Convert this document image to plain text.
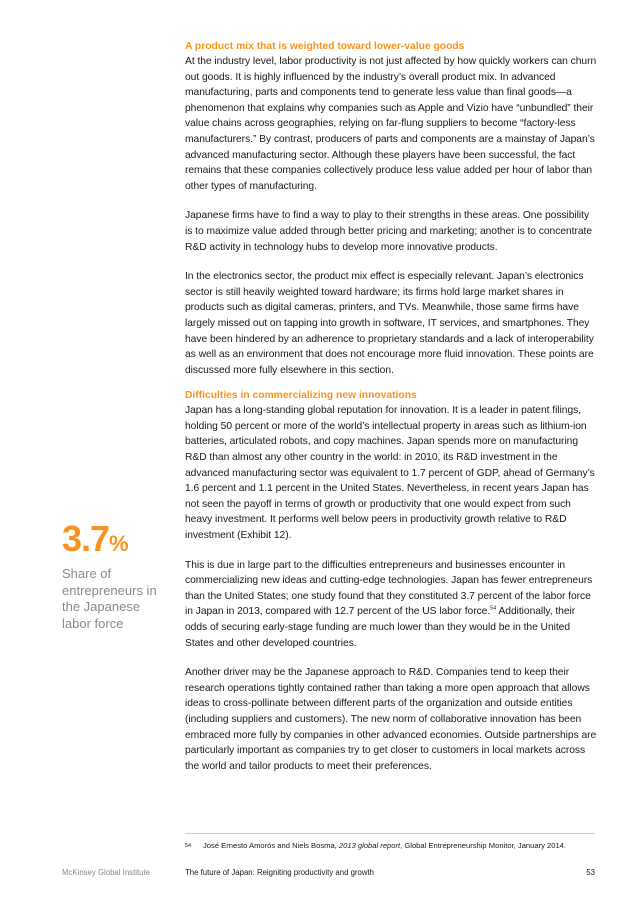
A product mix that is weighted toward lower-value goods

At the industry level, labor productivity is not just affected by how quickly workers can churn out goods. It is highly influenced by the industry’s overall product mix. In advanced manufacturing, parts and components tend to generate less value than final goods—a phenomenon that explains why companies such as Apple and Vizio have “unbundled” their value chains across geographies, relying on far-flung suppliers to become “factory-less manufacturers.” By contrast, producers of parts and components are a mainstay of Japan’s advanced manufacturing sector. Although these players have been successful, the fact remains that these companies collectively produce less value added per hour of labor than other types of manufacturing.

Japanese firms have to find a way to play to their strengths in these areas. One possibility is to maximize value added through better pricing and marketing; another is to concentrate R&D activity in technology hubs to develop more innovative products.

In the electronics sector, the product mix effect is especially relevant. Japan’s electronics sector is still heavily weighted toward hardware; its firms hold large market shares in products such as digital cameras, printers, and TVs. Meanwhile, those same firms have largely missed out on tapping into growth in software, IT services, and smartphones. They have been hindered by an adherence to proprietary standards and a lack of interoperability as well as an environment that does not encourage more fluid innovation. These points are discussed more fully elsewhere in this section.

Difficulties in commercializing new innovations

Japan has a long-standing global reputation for innovation. It is a leader in patent filings, holding 50 percent or more of the world’s intellectual property in areas such as lithium-ion batteries, articulated robots, and copy machines. Japan spends more on manufacturing R&D than almost any other country in the world: in 2010, its R&D investment in the advanced manufacturing sector was equivalent to 1.7 percent of GDP, ahead of Germany’s 1.6 percent and 1.1 percent in the United States. Nevertheless, in recent years Japan has not seen the payoff in terms of growth or productivity that one would expect from such heavy investment. It performs well below peers in productivity growth relative to R&D investment (Exhibit 12).

This is due in large part to the difficulties entrepreneurs and businesses encounter in commercializing new ideas and cutting-edge technologies. Japan has fewer entrepreneurs than the United States; one study found that they constituted 3.7 percent of the labor force in Japan in 2013, compared with 12.7 percent of the US labor force.$^{54}$ Additionally, their odds of securing early-stage funding are much lower than they would be in the United States and other developed countries.

Another driver may be the Japanese approach to R&D. Companies tend to keep their research operations tightly contained rather than taking a more open approach that allows ideas to cross-pollinate between different parts of the organization and outside entities (including suppliers and customers). The new norm of collaborative innovation has been embraced more fully by companies in other advanced economies. Outside partnerships are particularly important as companies try to get closer to customers in local markets across the world and tailor products to meet their preferences.

3.7%
Share of entrepreneurs in the Japanese labor force
54 José Ernesto Amorós and Niels Bosma, 2013 global report, Global Entrepreneurship Monitor, January 2014.
McKinsey Global Institute	The future of Japan: Reigniting productivity and growth	53
